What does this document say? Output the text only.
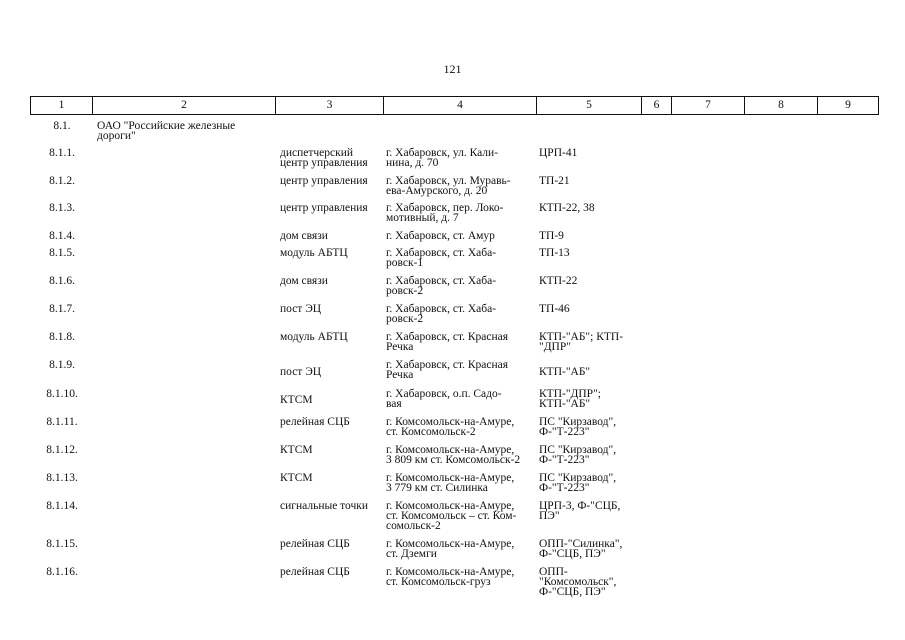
121
1	2	3	4	5	6	7	8	9
8.1.	ОАО "Российские железные
дороги"
8.1.1.	диспетчерский
центр управления
г. Хабаровск, ул. Кали-
нина, д. 70
ЦРП-41
8.1.2.	центр управления	г. Хабаровск, ул. Муравь-
ева-Амурского, д. 20
ТП-21
8.1.3.	центр управления	г. Хабаровск, пер. Локо-
мотивный, д. 7
КТП-22, 38
8.1.4.	дом связи	г. Хабаровск, ст. Амур	ТП-9
8.1.5.	модуль АБТЦ	г. Хабаровск, ст. Хаба-
ровск-1
ТП-13
8.1.6.	дом связи	г. Хабаровск, ст. Хаба-
ровск-2
КТП-22
8.1.7.	пост ЭЦ	г. Хабаровск, ст. Хаба-
ровск-2
ТП-46
8.1.8.	модуль АБТЦ	г. Хабаровск, ст. Красная
Речка
КТП-"АБ"; КТП-
"ДПР"
8.1.9.
пост ЭЦ
г. Хабаровск, ст. Красная
Речка	КТП-"АБ"
8.1.10.	КТСМ	г. Хабаровск, о.п. Садо-
вая
КТП-"ДПР";
КТП-"АБ"
8.1.11.	релейная СЦБ	г. Комсомольск-на-Амуре,
ст. Комсомольск-2
ПС "Кирзавод",
Ф-"Т-223"
8.1.12.	КТСМ	г. Комсомольск-на-Амуре,
3 809 км ст. Комсомольск-2
ПС "Кирзавод",
Ф-"Т-223"
8.1.13.	КТСМ	г. Комсомольск-на-Амуре,
3 779 км ст. Силинка
ПС "Кирзавод",
Ф-"Т-223"
8.1.14.	сигнальные точки	г. Комсомольск-на-Амуре,
ст. Комсомольск – ст. Ком-
сомольск-2
ЦРП-3, Ф-"СЦБ,
ПЭ"
8.1.15.	релейная СЦБ	г. Комсомольск-на-Амуре,
ст. Дземги
ОПП-"Силинка",
Ф-"СЦБ, ПЭ"
8.1.16.	релейная СЦБ	г. Комсомольск-на-Амуре,
ст. Комсомольск-груз
ОПП-
"Комсомольск",
Ф-"СЦБ, ПЭ"
